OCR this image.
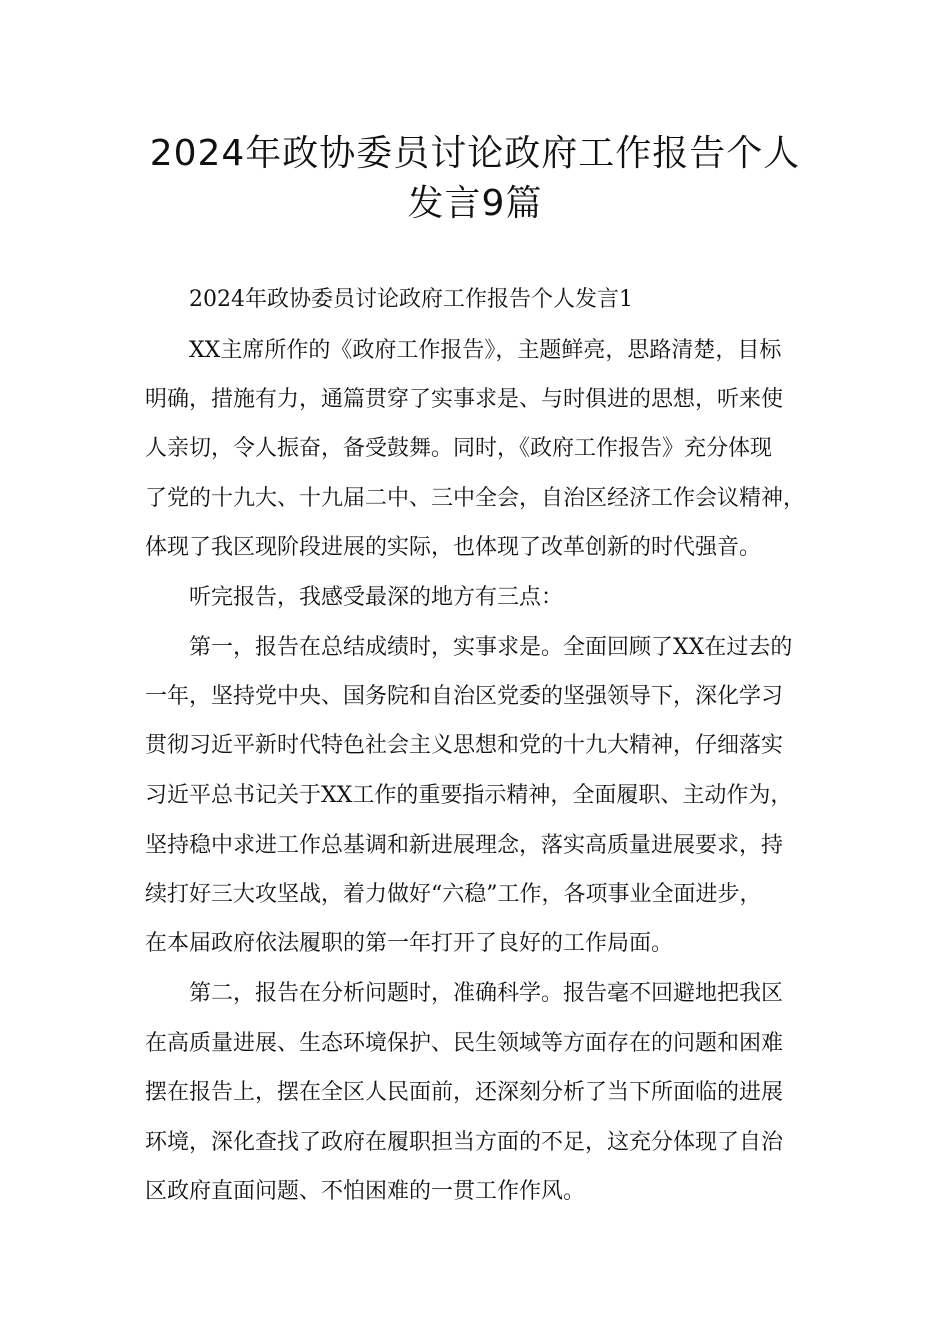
2024年政协委员讨论政府工作报告个人
发言9篇
2024年政协委员讨论政府工作报告个人发言1
XX主席所作的《政府工作报告》，主题鲜亮，思路清楚，目标
明确，措施有力，通篇贯穿了实事求是、与时俱进的思想，听来使
人亲切，令人振奋，备受鼓舞。同时，《政府工作报告》充分体现
了党的十九大、十九届二中、三中全会，自治区经济工作会议精神，
体现了我区现阶段进展的实际，也体现了改革创新的时代强音。
听完报告，我感受最深的地方有三点：
第一，报告在总结成绩时，实事求是。全面回顾了XX在过去的
一年，坚持党中央、国务院和自治区党委的坚强领导下，深化学习
贯彻习近平新时代特色社会主义思想和党的十九大精神，仔细落实
习近平总书记关于XX工作的重要指示精神，全面履职、主动作为，
坚持稳中求进工作总基调和新进展理念，落实高质量进展要求，持
续打好三大攻坚战，着力做好“六稳”工作，各项事业全面进步，
在本届政府依法履职的第一年打开了良好的工作局面。
第二，报告在分析问题时，准确科学。报告毫不回避地把我区
在高质量进展、生态环境保护、民生领域等方面存在的问题和困难
摆在报告上，摆在全区人民面前，还深刻分析了当下所面临的进展
环境，深化查找了政府在履职担当方面的不足，这充分体现了自治
区政府直面问题、不怕困难的一贯工作作风。
